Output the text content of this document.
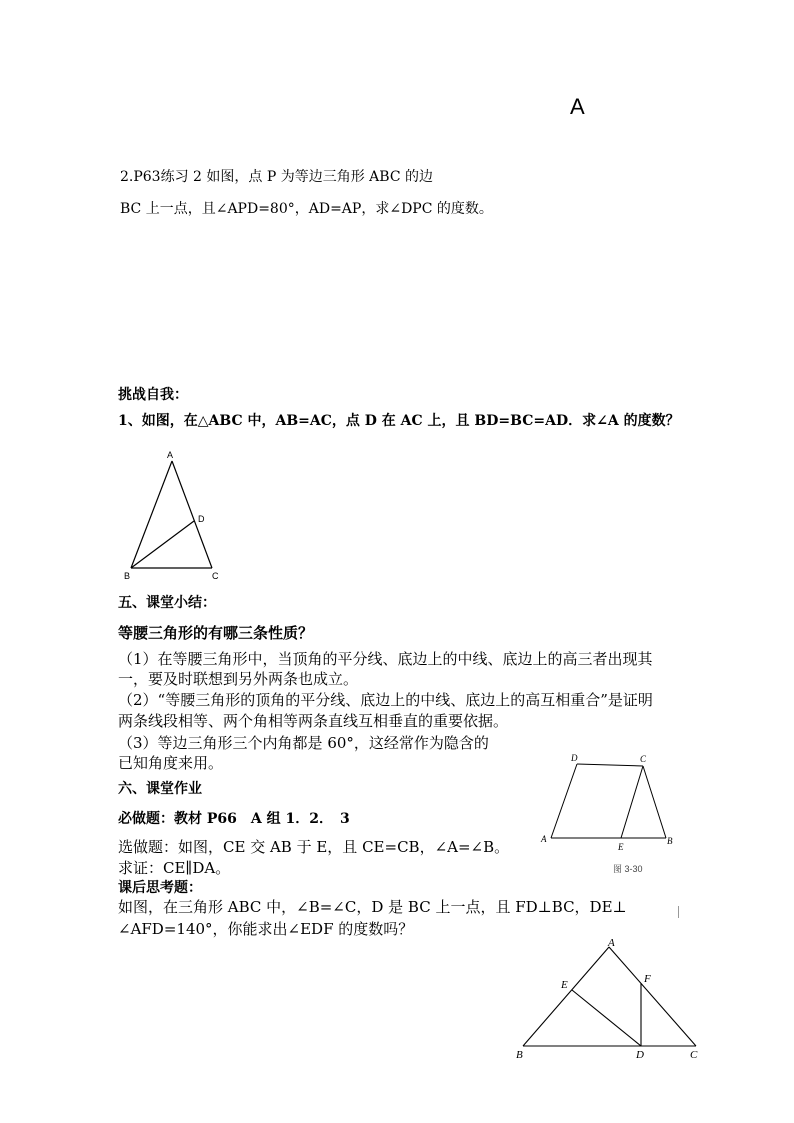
A
2.P63练习 2 如图，点 P 为等边三角形 ABC 的边
BC 上一点，且∠APD=80°，AD=AP，求∠DPC 的度数。
挑战自我：
1、如图，在△ABC 中，AB=AC，点 D 在 AC 上，且 BD=BC=AD．求∠A 的度数？
A
D
B	C
五、课堂小结：
等腰三角形的有哪三条性质？
（1）在等腰三角形中，当顶角的平分线、底边上的中线、底边上的高三者出现其
一，要及时联想到另外两条也成立。
（2）“等腰三角形的顶角的平分线、底边上的中线、底边上的高互相重合”是证明
两条线段相等、两个角相等两条直线互相垂直的重要依据。
（3）等边三角形三个内角都是 60°，这经常作为隐含的
已知角度来用。
六、课堂作业
必做题：教材 P66　A 组 1．2．　3
选做题：如图，CE 交 AB 于 E，且 CE=CB，∠A=∠B。
求证：CE∥DA。
D	C
A
E
B
图 3-30
课后思考题：
如图，在三角形 ABC 中，∠B=∠C，D 是 BC 上一点，且 FD⊥BC，DE⊥
∠AFD=140°，你能求出∠EDF 的度数吗？
A
E	F
B	D	C
